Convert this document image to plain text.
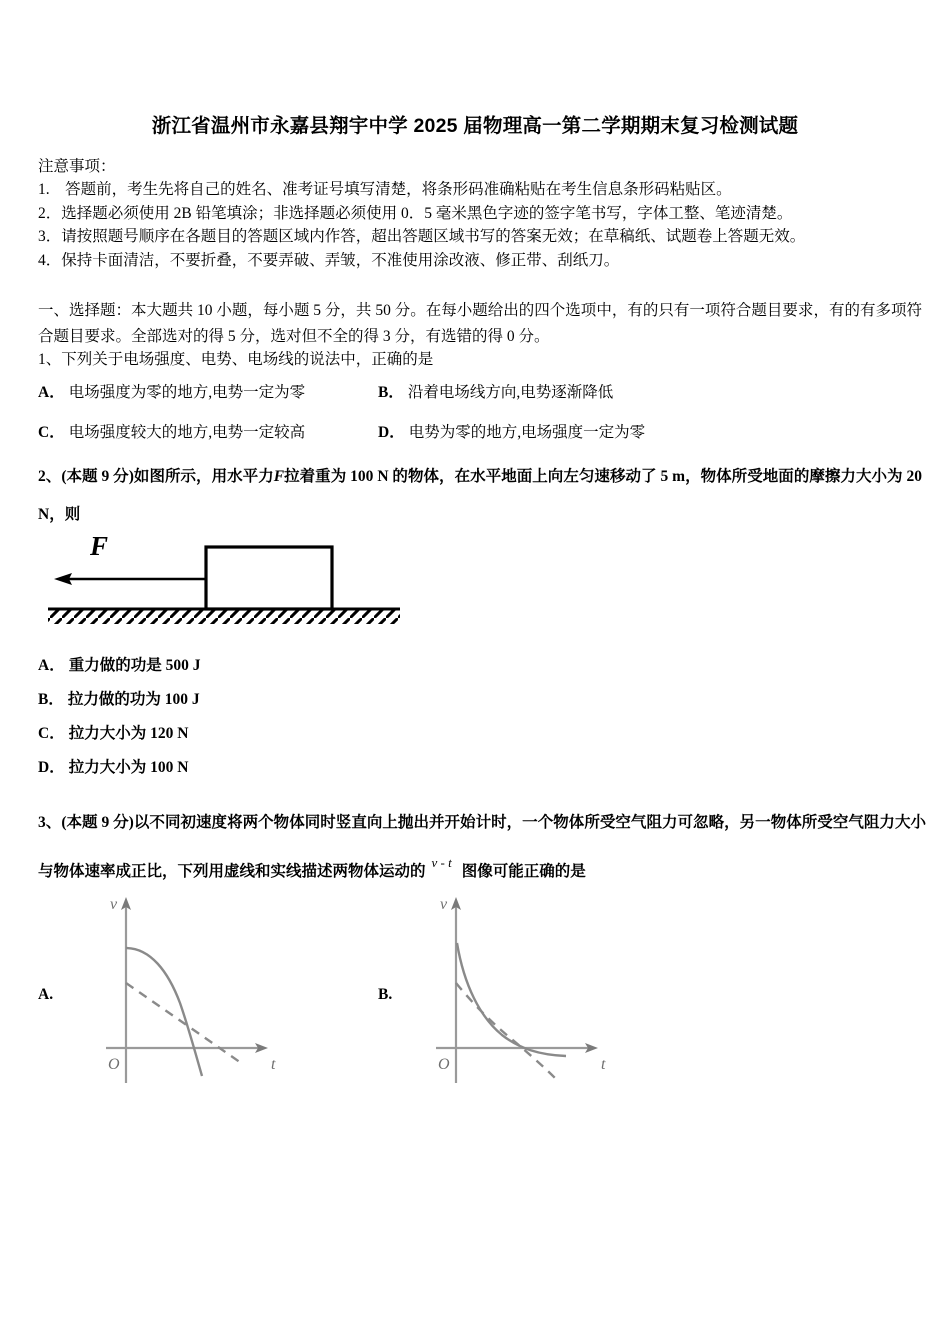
浙江省温州市永嘉县翔宇中学 2025 届物理高一第二学期期末复习检测试题
注意事项：
1.　答题前，考生先将自己的姓名、准考证号填写清楚，将条形码准确粘贴在考生信息条形码粘贴区。
2．选择题必须使用 2B 铅笔填涂；非选择题必须使用 0．5 毫米黑色字迹的签字笔书写，字体工整、笔迹清楚。
3．请按照题号顺序在各题目的答题区域内作答，超出答题区域书写的答案无效；在草稿纸、试题卷上答题无效。
4．保持卡面清洁，不要折叠，不要弄破、弄皱，不准使用涂改液、修正带、刮纸刀。
一、选择题：本大题共 10 小题，每小题 5 分，共 50 分。在每小题给出的四个选项中，有的只有一项符合题目要求，有的有多项符合题目要求。全部选对的得 5 分，选对但不全的得 3 分，有选错的得 0 分。
1、下列关于电场强度、电势、电场线的说法中，正确的是
A． 电场强度为零的地方,电势一定为零	B． 沿着电场线方向,电势逐渐降低
C． 电场强度较大的地方,电势一定较高	D． 电势为零的地方,电场强度一定为零
2、(本题 9 分)如图所示，用水平力F拉着重为 100 N 的物体，在水平地面上向左匀速移动了 5 m，物体所受地面的摩擦力大小为 20 N，则
F
A． 重力做的功是 500 J
B． 拉力做的功为 100 J
C． 拉力大小为 120 N
D． 拉力大小为 100 N
3、(本题 9 分)以不同初速度将两个物体同时竖直向上抛出并开始计时，一个物体所受空气阻力可忽略，另一物体所受空气阻力大小与物体速率成正比，下列用虚线和实线描述两物体运动的$^{v - t}$图像可能正确的是
A.
v
O	t
B.
v
O	t
